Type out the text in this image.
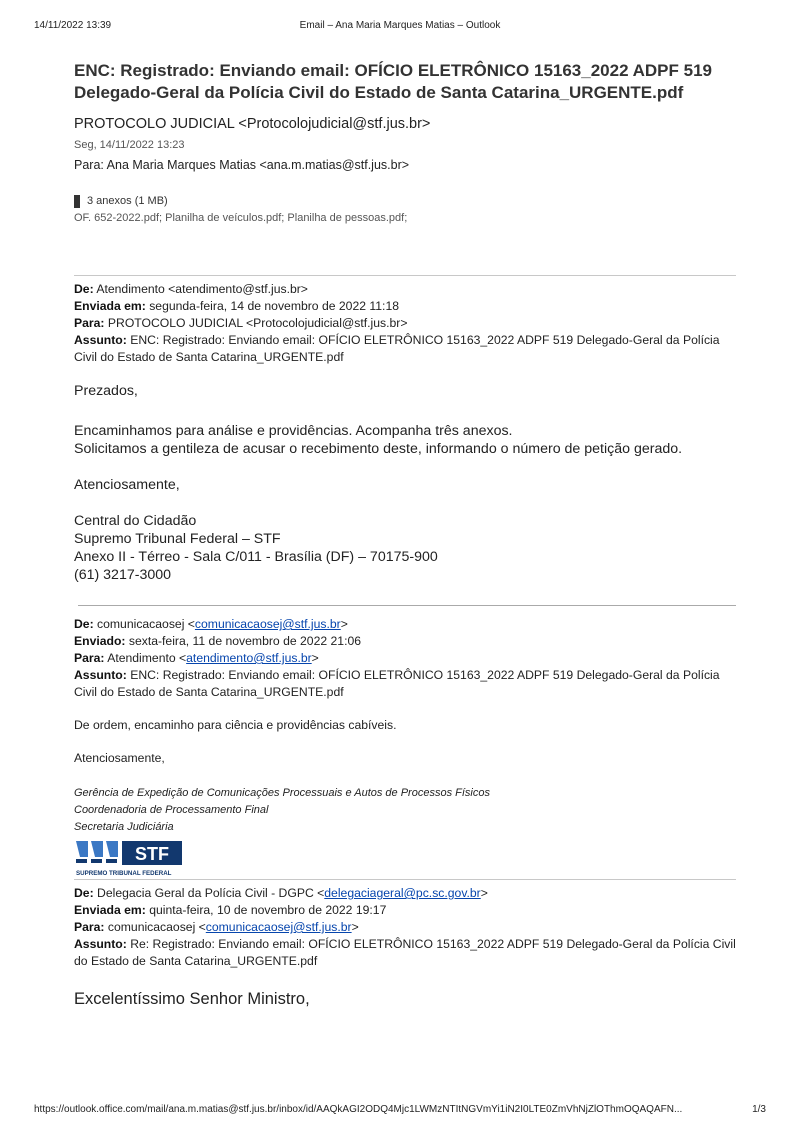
14/11/2022 13:39	Email – Ana Maria Marques Matias – Outlook
ENC: Registrado: Enviando email: OFÍCIO ELETRÔNICO 15163_2022 ADPF 519 Delegado-Geral da Polícia Civil do Estado de Santa Catarina_URGENTE.pdf
PROTOCOLO JUDICIAL <Protocolojudicial@stf.jus.br>
Seg, 14/11/2022 13:23
Para: Ana Maria Marques Matias <ana.m.matias@stf.jus.br>
3 anexos (1 MB)
OF. 652-2022.pdf; Planilha de veículos.pdf; Planilha de pessoas.pdf;
De: Atendimento <atendimento@stf.jus.br>
Enviada em: segunda-feira, 14 de novembro de 2022 11:18
Para: PROTOCOLO JUDICIAL <Protocolojudicial@stf.jus.br>
Assunto: ENC: Registrado: Enviando email: OFÍCIO ELETRÔNICO 15163_2022 ADPF 519 Delegado-Geral da Polícia Civil do Estado de Santa Catarina_URGENTE.pdf
Prezados,
Encaminhamos para análise e providências. Acompanha três anexos.
Solicitamos a gentileza de acusar o recebimento deste, informando o número de petição gerado.
Atenciosamente,
Central do Cidadão
Supremo Tribunal Federal – STF
Anexo II - Térreo - Sala C/011 - Brasília (DF) – 70175-900
(61) 3217-3000
De: comunicacaosej <comunicacaosej@stf.jus.br>
Enviado: sexta-feira, 11 de novembro de 2022 21:06
Para: Atendimento <atendimento@stf.jus.br>
Assunto: ENC: Registrado: Enviando email: OFÍCIO ELETRÔNICO 15163_2022 ADPF 519 Delegado-Geral da Polícia Civil do Estado de Santa Catarina_URGENTE.pdf
De ordem, encaminho para ciência e providências cabíveis.
Atenciosamente,
Gerência de Expedição de Comunicações Processuais e Autos de Processos Físicos
Coordenadoria de Processamento Final
Secretaria Judiciária
STF
SUPREMO TRIBUNAL FEDERAL
De: Delegacia Geral da Polícia Civil - DGPC <delegaciageral@pc.sc.gov.br>
Enviada em: quinta-feira, 10 de novembro de 2022 19:17
Para: comunicacaosej <comunicacaosej@stf.jus.br>
Assunto: Re: Registrado: Enviando email: OFÍCIO ELETRÔNICO 15163_2022 ADPF 519 Delegado-Geral da Polícia Civil do Estado de Santa Catarina_URGENTE.pdf
Excelentíssimo Senhor Ministro,
https://outlook.office.com/mail/ana.m.matias@stf.jus.br/inbox/id/AAQkAGI2ODQ4Mjc1LWMzNTItNGVmYi1iN2I0LTE0ZmVhNjZlOThmOQAQAFN...	1/3
